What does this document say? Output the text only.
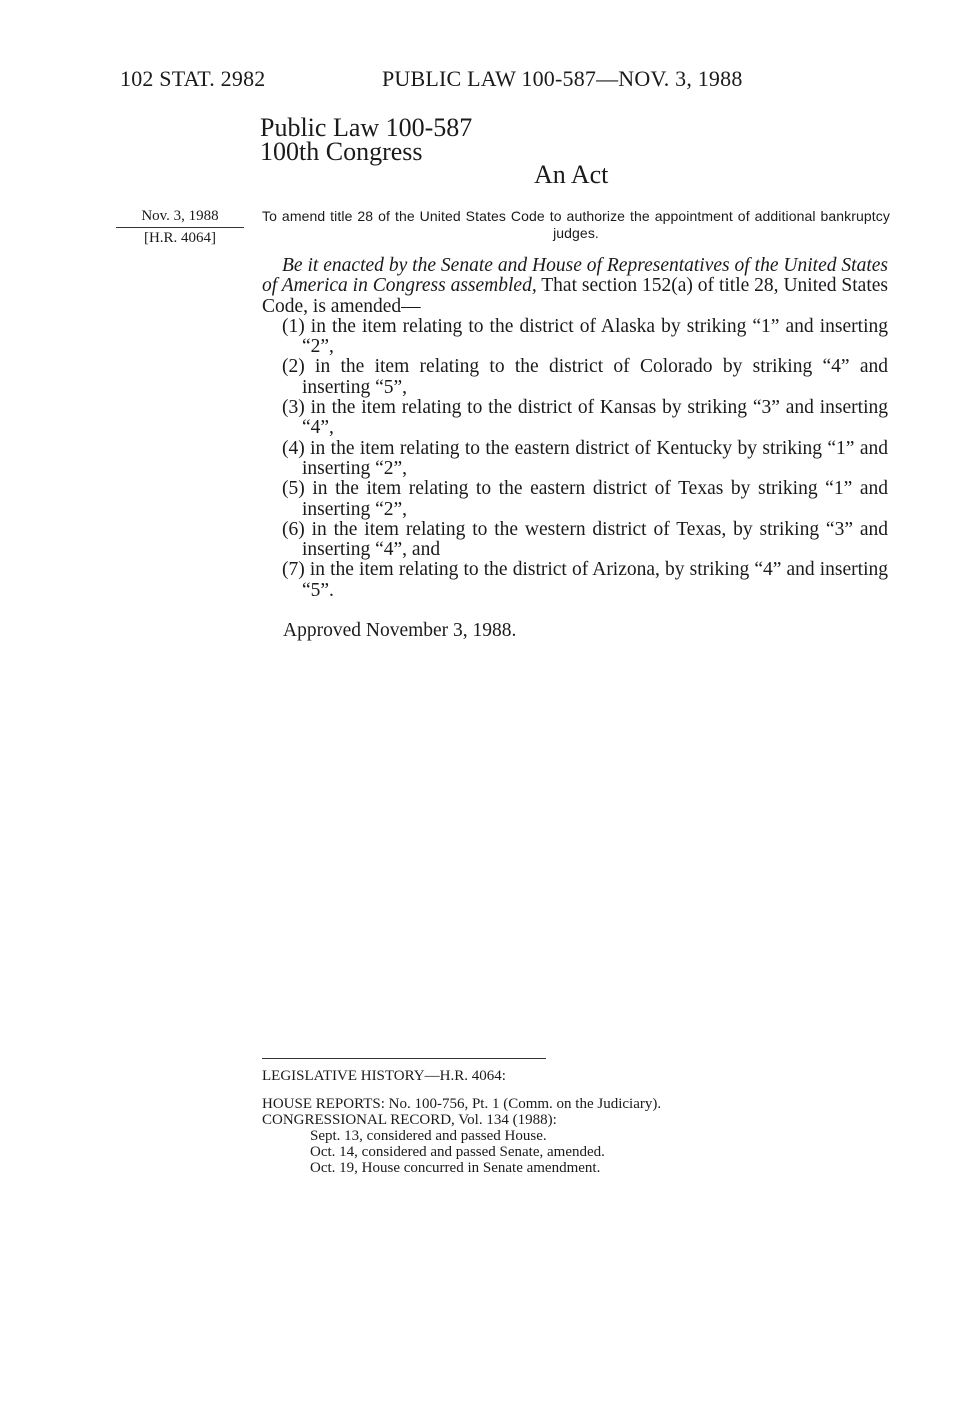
102 STAT. 2982	PUBLIC LAW 100-587—NOV. 3, 1988
Public Law 100-587
100th Congress
An Act
Nov. 3, 1988
[H.R. 4064]
To amend title 28 of the United States Code to authorize the appointment of additional bankruptcy judges.

Be it enacted by the Senate and House of Representatives of the United States of America in Congress assembled, That section 152(a) of title 28, United States Code, is amended—

(1) in the item relating to the district of Alaska by striking “1” and inserting “2”,

(2) in the item relating to the district of Colorado by striking “4” and inserting “5”,

(3) in the item relating to the district of Kansas by striking “3” and inserting “4”,

(4) in the item relating to the eastern district of Kentucky by striking “1” and inserting “2”,

(5) in the item relating to the eastern district of Texas by striking “1” and inserting “2”,

(6) in the item relating to the western district of Texas, by striking “3” and inserting “4”, and

(7) in the item relating to the district of Arizona, by striking “4” and inserting “5”.

Approved November 3, 1988.
LEGISLATIVE HISTORY—H.R. 4064:
HOUSE REPORTS: No. 100-756, Pt. 1 (Comm. on the Judiciary).
CONGRESSIONAL RECORD, Vol. 134 (1988):
Sept. 13, considered and passed House.
Oct. 14, considered and passed Senate, amended.
Oct. 19, House concurred in Senate amendment.
